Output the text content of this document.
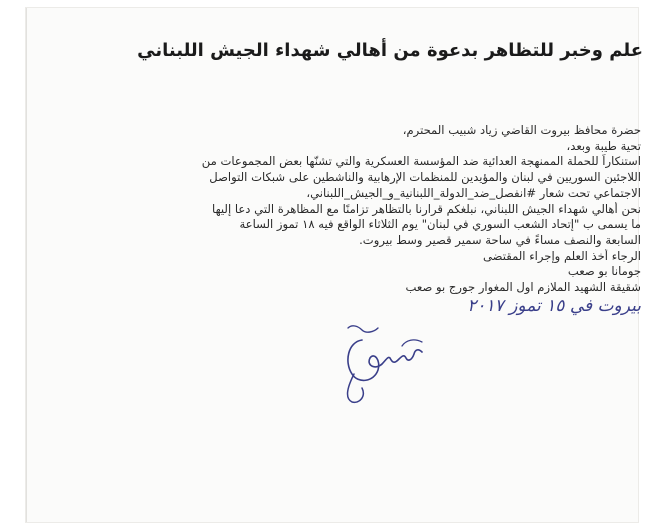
علم وخبر للتظاهر بدعوة من أهالي شهداء الجيش اللبناني
حضرة محافظ بيروت القاضي زياد شبيب المحترم،
تحية طيبة وبعد،
استنكاراً للحملة الممنهجة العدائية ضد المؤسسة العسكرية والتي تشنّها بعض المجموعات من
اللاجئين السوريين في لبنان والمؤيدين للمنظمات الإرهابية والناشطين على شبكات التواصل
الاجتماعي تحت شعار #انفصل_ضد_الدولة_اللبنانية_و_الجيش_اللبناني،
نحن أهالي شهداء الجيش اللبناني، نبلغكم قرارنا بالتظاهر تزامنًا مع المظاهرة التي دعا إليها
ما يسمى ب "إتحاد الشعب السوري في لبنان" يوم الثلاثاء الواقع فيه ١٨ تموز الساعة
السابعة والنصف مساءً في ساحة سمير قصير وسط بيروت.
الرجاء أخذ العلم وإجراء المقتضى
جومانا بو صعب
شقيقة الشهيد الملازم اول المغوار جورج بو صعب
بيروت في ١٥ تموز ٢٠١٧
